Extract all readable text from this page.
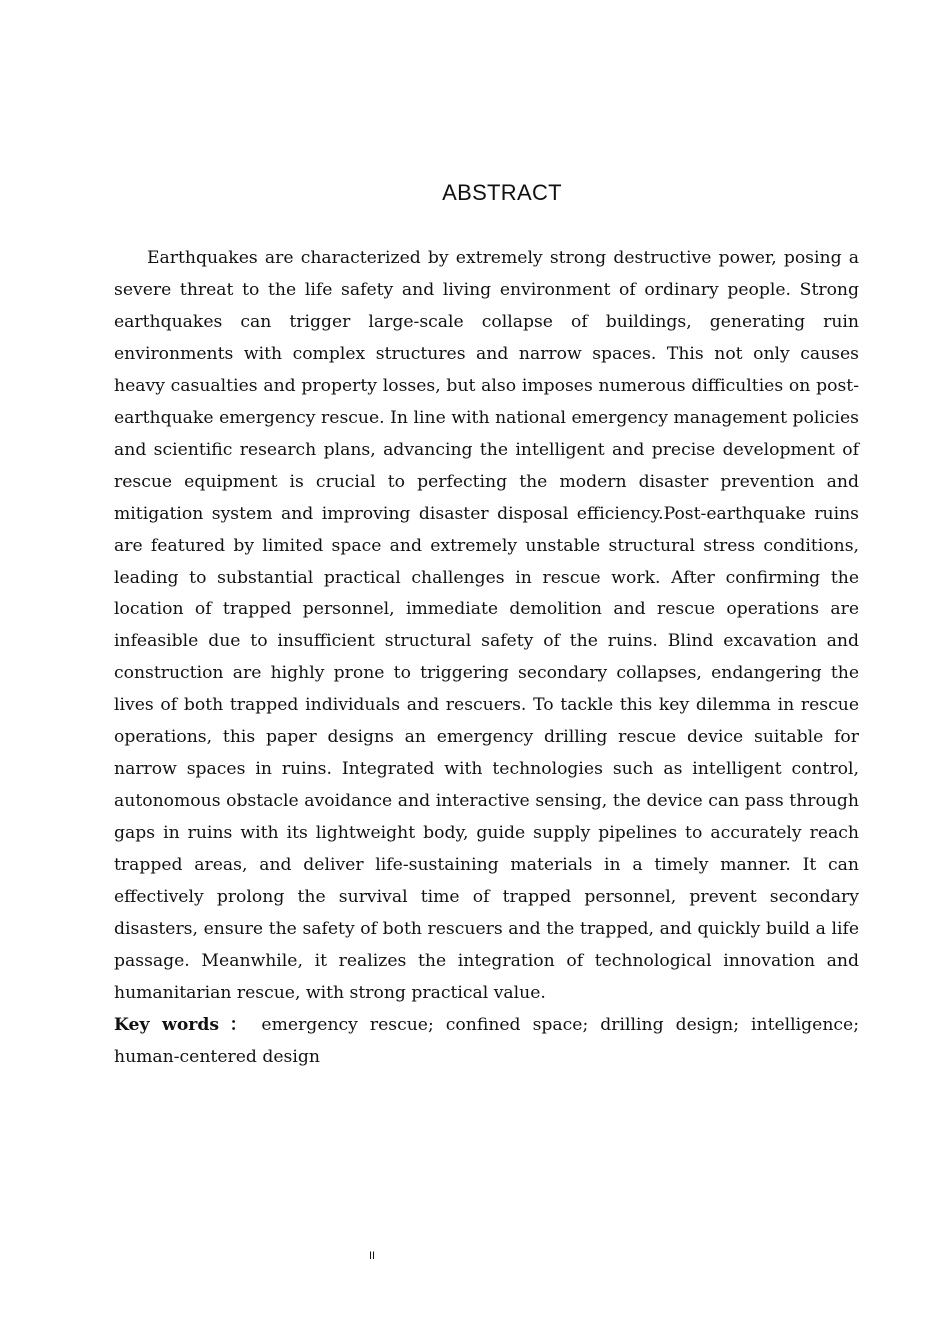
ABSTRACT

Earthquakes are characterized by extremely strong destructive power, posing a severe threat to the life safety and living environment of ordinary people. Strong earthquakes can trigger large-scale collapse of buildings, generating ruin environments with complex structures and narrow spaces. This not only causes heavy casualties and property losses, but also imposes numerous difficulties on post-earthquake emergency rescue. In line with national emergency management policies and scientific research plans, advancing the intelligent and precise development of rescue equipment is crucial to perfecting the modern disaster prevention and mitigation system and improving disaster disposal efficiency.Post-earthquake ruins are featured by limited space and extremely unstable structural stress conditions, leading to substantial practical challenges in rescue work. After confirming the location of trapped personnel, immediate demolition and rescue operations are infeasible due to insufficient structural safety of the ruins. Blind excavation and construction are highly prone to triggering secondary collapses, endangering the lives of both trapped individuals and rescuers. To tackle this key dilemma in rescue operations, this paper designs an emergency drilling rescue device suitable for narrow spaces in ruins. Integrated with technologies such as intelligent control, autonomous obstacle avoidance and interactive sensing, the device can pass through gaps in ruins with its lightweight body, guide supply pipelines to accurately reach trapped areas, and deliver life-sustaining materials in a timely manner. It can effectively prolong the survival time of trapped personnel, prevent secondary disasters, ensure the safety of both rescuers and the trapped, and quickly build a life passage. Meanwhile, it realizes the integration of technological innovation and humanitarian rescue, with strong practical value.

Key words ： emergency rescue; confined space; drilling design; intelligence; human-centered design

II
